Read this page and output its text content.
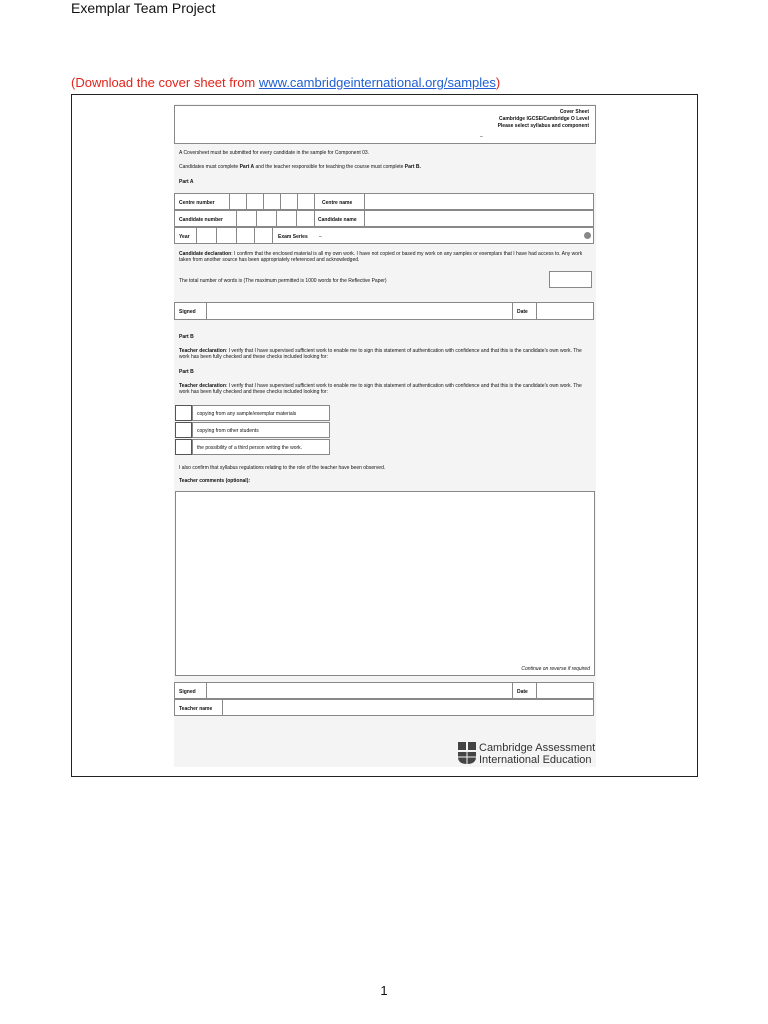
Exemplar Team Project
(Download the cover sheet from www.cambridgeinternational.org/samples)
Cover Sheet
Cambridge IGCSE/Cambridge O Level
Please select syllabus and component
–
A Coversheet must be submitted for every candidate in the sample for Component 03.
Candidates must complete Part A and the teacher responsible for teaching the course must complete Part B.
Part A
Centre number	Centre name
Candidate number	Candidate name
Year	Exam Series –
Candidate declaration: I confirm that the enclosed material is all my own work. I have not copied or based my work on any samples or exemplars that I have had access to. Any work taken from another source has been appropriately referenced and acknowledged.
The total number of words is (The maximum permitted is 1000 words for the Reflective Paper)
Signed	Date
Part B
Teacher declaration: I verify that I have supervised sufficient work to enable me to sign this statement of authentication with confidence and that this is the candidate's own work. The work has been fully checked and these checks included looking for:
Part B
Teacher declaration: I verify that I have supervised sufficient work to enable me to sign this statement of authentication with confidence and that this is the candidate's own work. The work has been fully checked and these checks included looking for:
copying from any sample/exemplar materials
copying from other students
the possibility of a third person writing the work.
I also confirm that syllabus regulations relating to the role of the teacher have been observed.
Teacher comments (optional):
Continue on reverse if required
Signed	Date
Teacher name
Cambridge Assessment
International Education
1
